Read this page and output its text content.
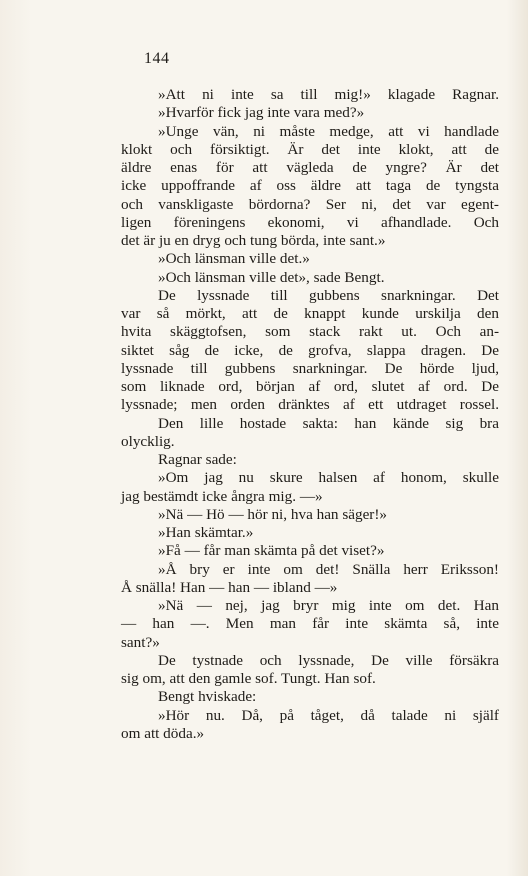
144
»Att ni inte sa till mig!» klagade Ragnar.
»Hvarför fick jag inte vara med?»
»Unge vän, ni måste medge, att vi handlade
klokt och försiktigt. Är det inte klokt, att de
äldre enas för att vägleda de yngre? Är det
icke uppoffrande af oss äldre att taga de tyngsta
och vanskligaste bördorna? Ser ni, det var egent-
ligen föreningens ekonomi, vi afhandlade. Och
det är ju en dryg och tung börda, inte sant.»
»Och länsman ville det.»
»Och länsman ville det», sade Bengt.
De lyssnade till gubbens snarkningar. Det
var så mörkt, att de knappt kunde urskilja den
hvita skäggtofsen, som stack rakt ut. Och an-
siktet såg de icke, de grofva, slappa dragen. De
lyssnade till gubbens snarkningar. De hörde ljud,
som liknade ord, början af ord, slutet af ord. De
lyssnade; men orden dränktes af ett utdraget rossel.
Den lille hostade sakta: han kände sig bra
olycklig.
Ragnar sade:
»Om jag nu skure halsen af honom, skulle
jag bestämdt icke ångra mig. —»
»Nä — Hö — hör ni, hva han säger!»
»Han skämtar.»
»Få — får man skämta på det viset?»
»Å bry er inte om det! Snälla herr Eriksson!
Å snälla! Han — han — ibland —»
»Nä — nej, jag bryr mig inte om det. Han
— han —. Men man får inte skämta så, inte
sant?»
De tystnade och lyssnade, De ville försäkra
sig om, att den gamle sof. Tungt. Han sof.
Bengt hviskade:
»Hör nu. Då, på tåget, då talade ni själf
om att döda.»
